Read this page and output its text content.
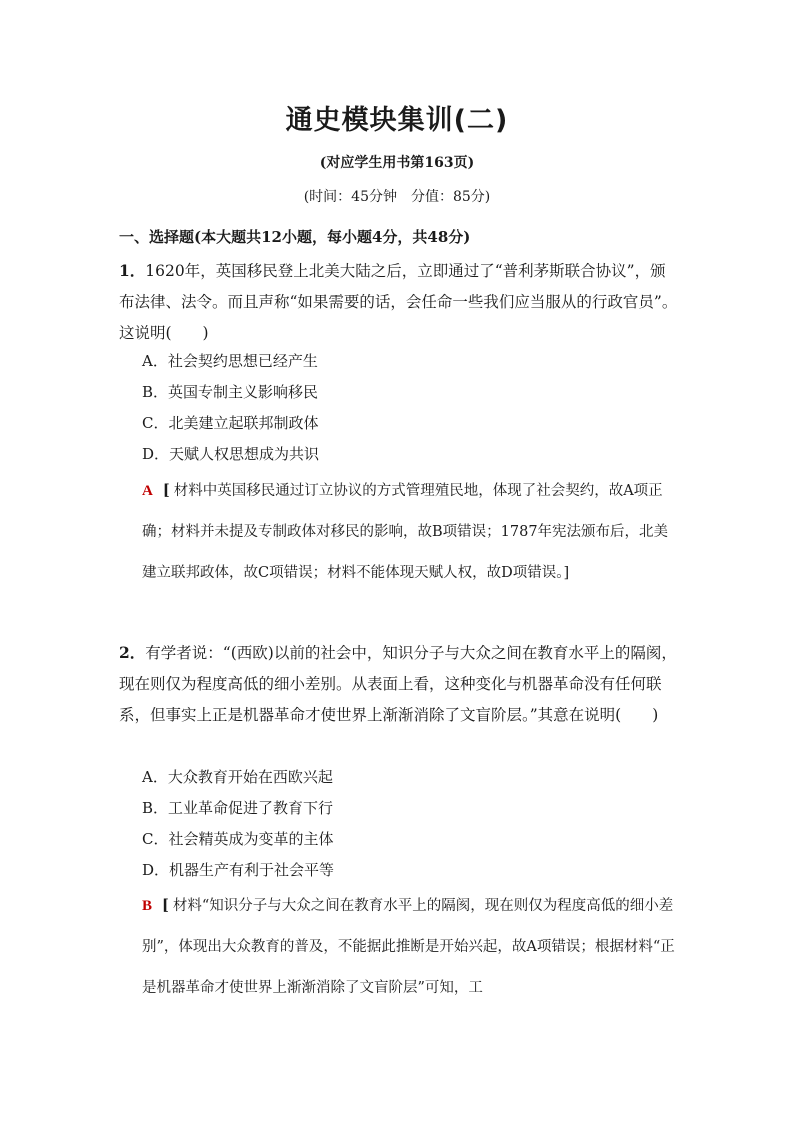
通史模块集训(二)
(对应学生用书第163页)
(时间：45分钟　分值：85分)
一、选择题(本大题共12小题，每小题4分，共48分)
1．1620年，英国移民登上北美大陆之后，立即通过了“普利茅斯联合协议”，颁布法律、法令。而且声称“如果需要的话，会任命一些我们应当服从的行政官员”。这说明(　　)
A．社会契约思想已经产生
B．英国专制主义影响移民
C．北美建立起联邦制政体
D．天赋人权思想成为共识
A [ 材料中英国移民通过订立协议的方式管理殖民地，体现了社会契约，故A项正确；材料并未提及专制政体对移民的影响，故B项错误；1787年宪法颁布后，北美建立联邦政体，故C项错误；材料不能体现天赋人权，故D项错误。]
2．有学者说：“(西欧)以前的社会中，知识分子与大众之间在教育水平上的隔阂，现在则仅为程度高低的细小差别。从表面上看，这种变化与机器革命没有任何联系，但事实上正是机器革命才使世界上渐渐消除了文盲阶层。”其意在说明(　　)
A．大众教育开始在西欧兴起
B．工业革命促进了教育下行
C．社会精英成为变革的主体
D．机器生产有利于社会平等
B [ 材料“知识分子与大众之间在教育水平上的隔阂，现在则仅为程度高低的细小差别”，体现出大众教育的普及，不能据此推断是开始兴起，故A项错误；根据材料“正是机器革命才使世界上渐渐消除了文盲阶层”可知，工
